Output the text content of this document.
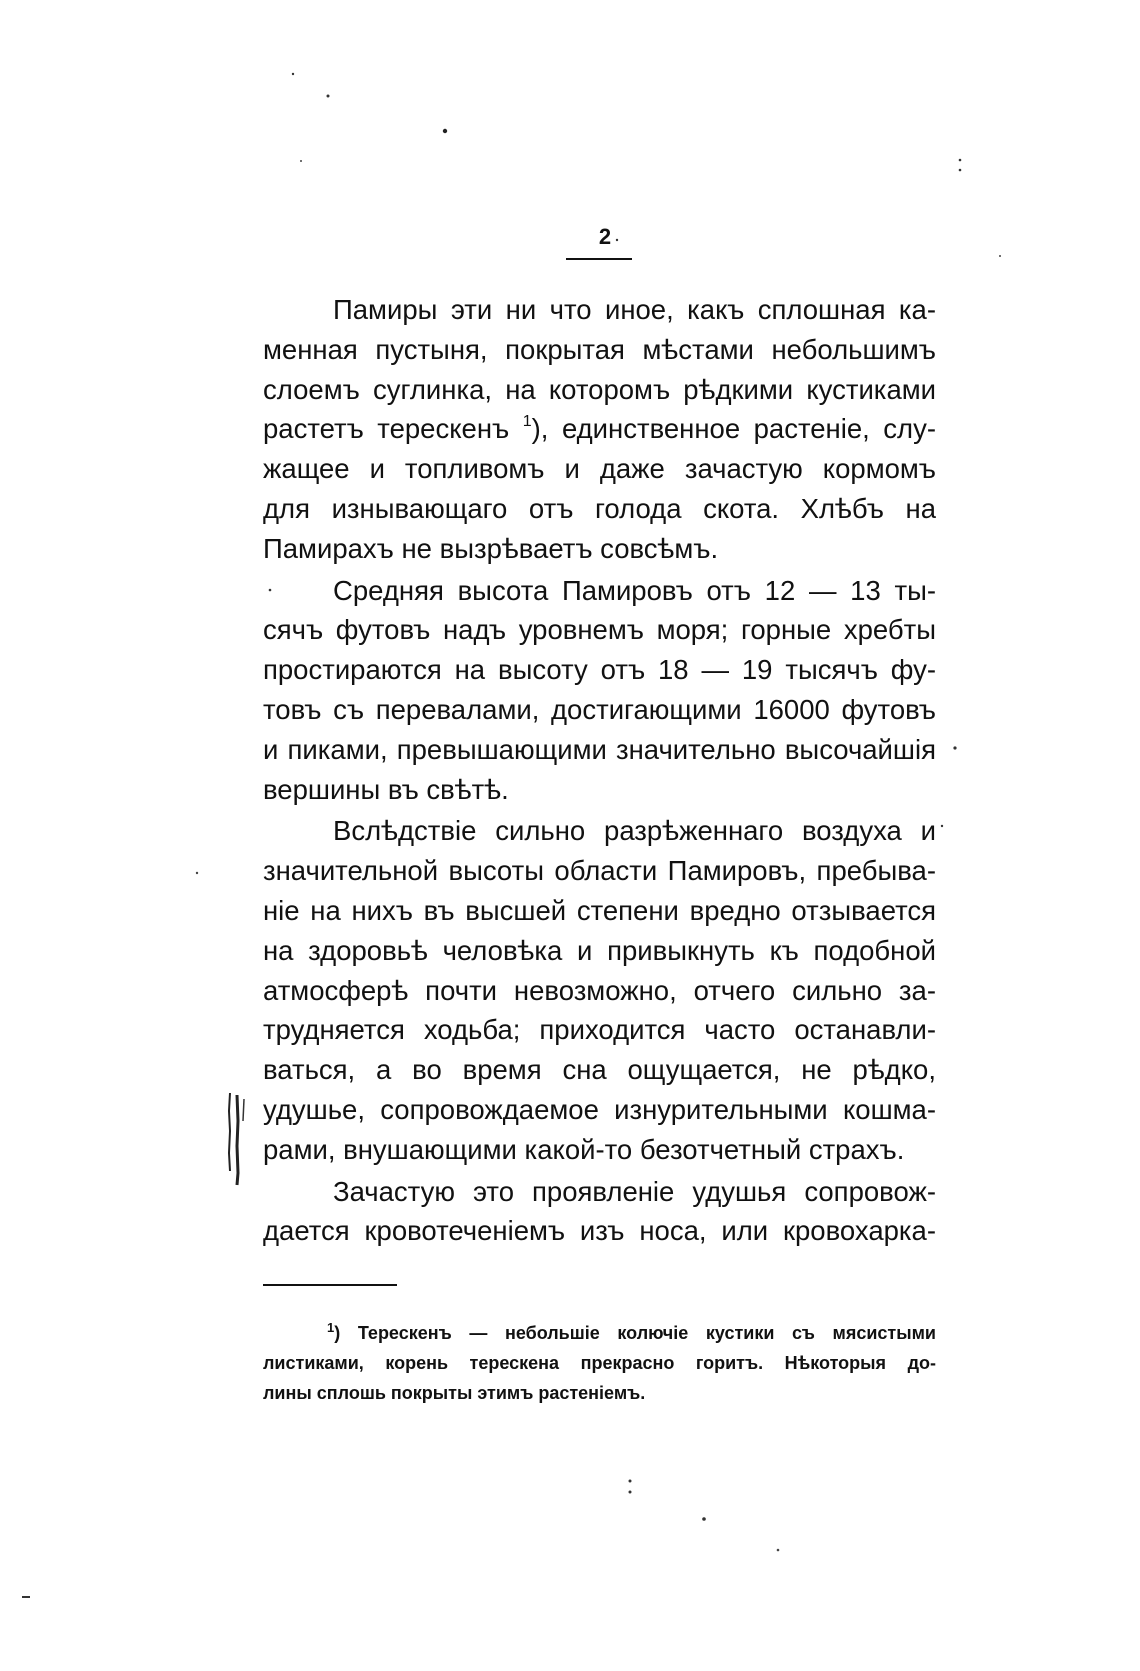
2
Памиры эти ни что иное, какъ сплошная ка-
менная пустыня, покрытая мѣстами небольшимъ
слоемъ суглинка, на которомъ рѣдкими кустиками
растетъ терескенъ $^1$), единственное растенiе, слу-
жащее и топливомъ и даже зачастую кормомъ
для изнывающаго отъ голода скота. Хлѣбъ на
Памирахъ не вызрѣваетъ совсѣмъ.
Средняя высота Памировъ отъ 12 — 13 ты-
сячъ футовъ надъ уровнемъ моря; горные хребты
простираются на высоту отъ 18 — 19 тысячъ фу-
товъ съ перевалами, достигающими 16000 футовъ
и пиками, превышающими значительно высочайшiя
вершины въ свѣтѣ.
Вслѣдствiе сильно разрѣженнаго воздуха и
значительной высоты области Памировъ, пребыва-
нiе на нихъ въ высшей степени вредно отзывается
на здоровьѣ человѣка и привыкнуть къ подобной
атмосферѣ почти невозможно, отчего сильно за-
трудняется ходьба; приходится часто останавли-
ваться, а во время сна ощущается, не рѣдко,
удушье, сопровождаемое изнурительными кошма-
рами, внушающими какой-то безотчетный страхъ.
Зачастую это проявленiе удушья сопровож-
дается кровотеченiемъ изъ носа, или кровохарка-
$^1$) Терескенъ — небольшiе колючiе кустики съ мясистыми
листиками, корень терескена прекрасно горитъ. Нѣкоторыя до-
лины сплошь покрыты этимъ растенiемъ.
